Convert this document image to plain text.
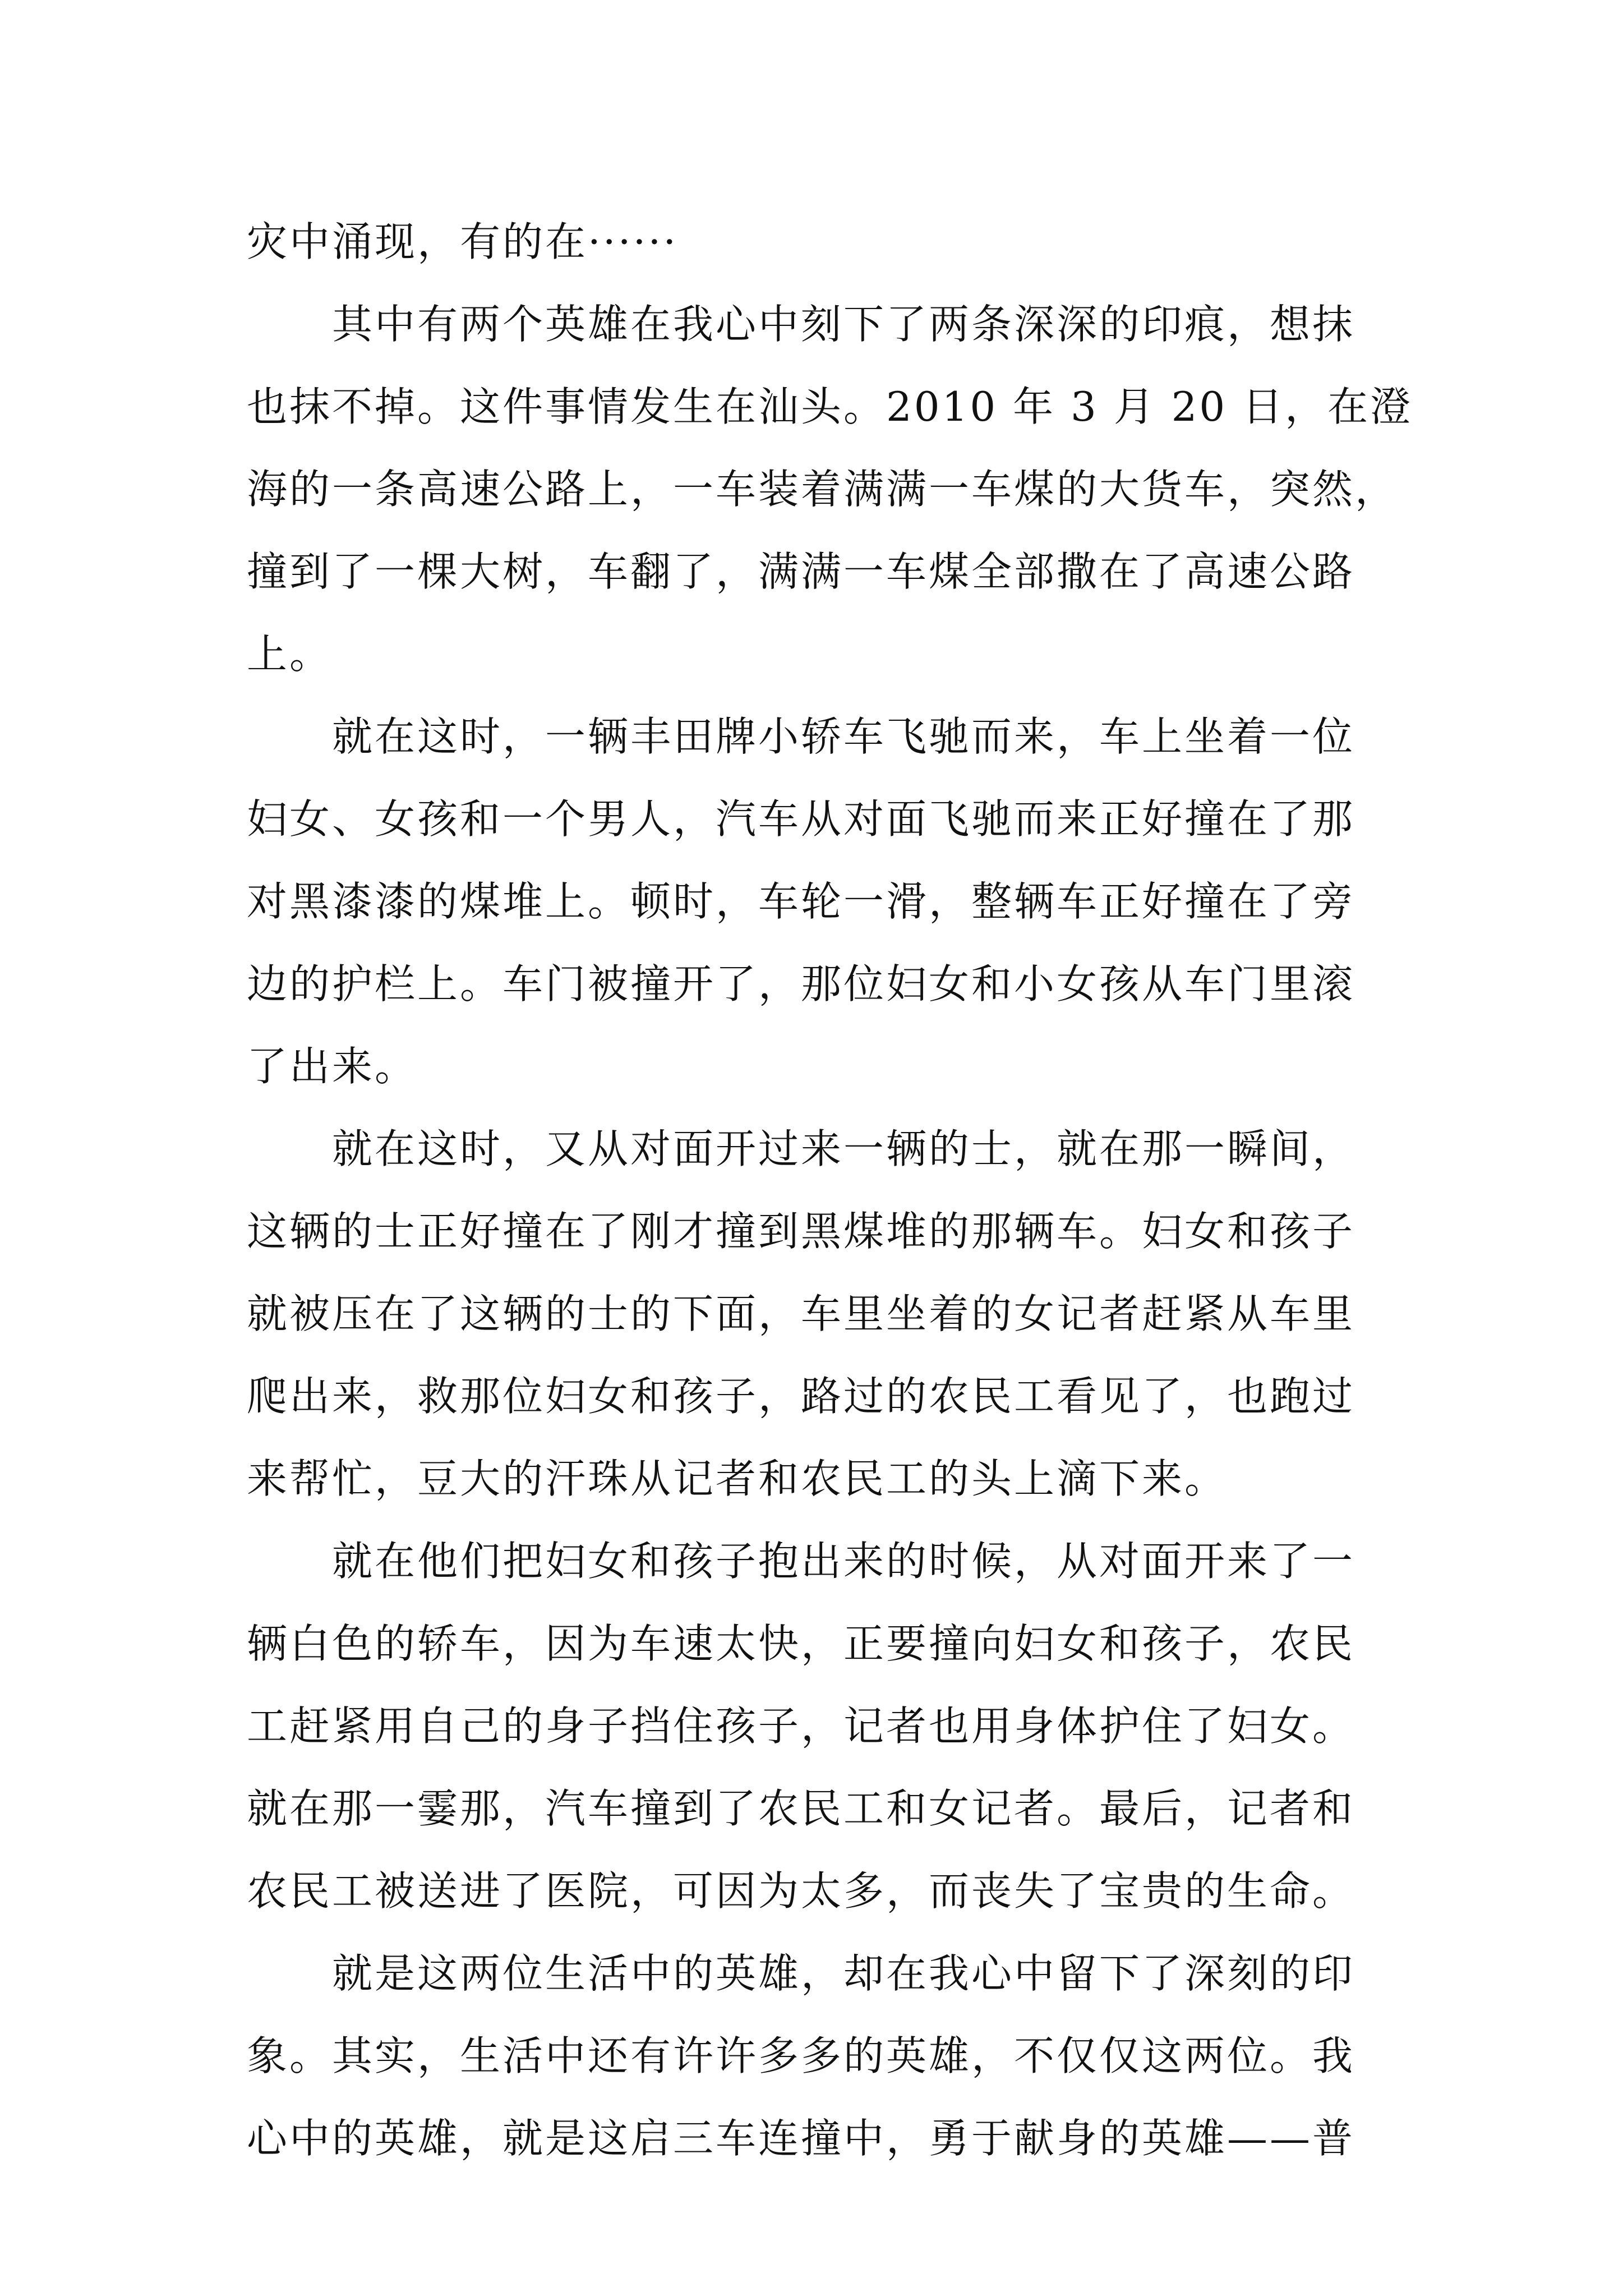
灾中涌现，有的在······
其中有两个英雄在我心中刻下了两条深深的印痕，想抹
也抹不掉。这件事情发生在汕头。2010 年 3 月 20 日，在澄
海的一条高速公路上，一车装着满满一车煤的大货车，突然，
撞到了一棵大树，车翻了，满满一车煤全部撒在了高速公路
上。
就在这时，一辆丰田牌小轿车飞驰而来，车上坐着一位
妇女、女孩和一个男人，汽车从对面飞驰而来正好撞在了那
对黑漆漆的煤堆上。顿时，车轮一滑，整辆车正好撞在了旁
边的护栏上。车门被撞开了，那位妇女和小女孩从车门里滚
了出来。
就在这时，又从对面开过来一辆的士，就在那一瞬间，
这辆的士正好撞在了刚才撞到黑煤堆的那辆车。妇女和孩子
就被压在了这辆的士的下面，车里坐着的女记者赶紧从车里
爬出来，救那位妇女和孩子，路过的农民工看见了，也跑过
来帮忙，豆大的汗珠从记者和农民工的头上滴下来。
就在他们把妇女和孩子抱出来的时候，从对面开来了一
辆白色的轿车，因为车速太快，正要撞向妇女和孩子，农民
工赶紧用自己的身子挡住孩子，记者也用身体护住了妇女。
就在那一霎那，汽车撞到了农民工和女记者。最后，记者和
农民工被送进了医院，可因为太多，而丧失了宝贵的生命。
就是这两位生活中的英雄，却在我心中留下了深刻的印
象。其实，生活中还有许许多多的英雄，不仅仅这两位。我
心中的英雄，就是这启三车连撞中，勇于献身的英雄——普
